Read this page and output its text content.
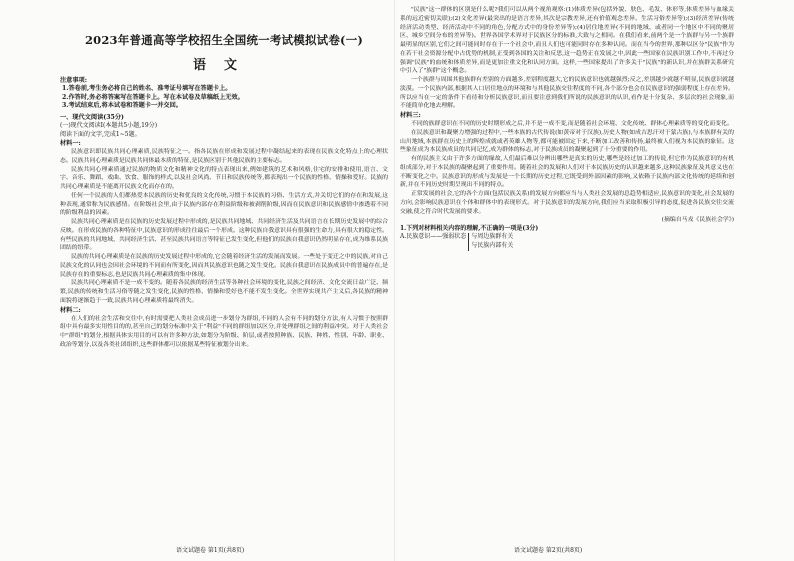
2023年普通高等学校招生全国统一考试模拟试卷(一)
语文

注意事项:

1.答卷前,考生务必将自己的姓名、准考证号填写在答题卡上。

2.作答时,务必将答案写在答题卡上。写在本试卷及草稿纸上无效。

3.考试结束后,将本试卷和答题卡一并交回。

一、现代文阅读(35分)

(一)现代文阅读I(本题共5小题,19分)

阅读下面的文字,完成1~5题。

材料一:

民族意识即民族共同心理素质,民族特征之一。指各民族在形成和发展过程中凝结起来的表现在民族文化特点上的心理状态。民族共同心理素质是民族共同体最本质的特征,是民族区别于其他民族的主要标志。

民族共同心理素质通过民族的物质文化和精神文化的特点表现出来,例如建筑的艺术和风格,住宅的安排和使用,语言、文字、音乐、舞蹈、戏曲、饮食、服饰的样式,以及社会风尚、节日和民族传统等,都表现出一个民族的性格、情操和爱好。民族的共同心理素质是不能离开民族文化而存在的。

任何一个民族的人们都热爱本民族的历史和优良的文化传统,习惯于本民族的习俗、生活方式,并关切它们的存在和发展,这种表现,通常称为民族感情。在阶级社会里,由于民族内部存在利益阶级和被剥削阶级,因而在民族意识和民族感情中渗透着不同的阶级利益的因素。

民族共同心理素质是在民族的历史发展过程中形成的,是民族共同地域、共同经济生活及共同语言在长期历史发展中的综合反映。在形成民族的各种特征中,民族意识的形成往往最后一个形成。这种民族自我意识具有很强的生命力,具有很大的稳定性。有些民族的共同地域、共同经济生活、甚至民族共同语言等特征已发生变化,但他们的民族自我意识仍然明显存在,成为维系民族团结的纽带。

民族的共同心理素质是在民族的历史发展过程中形成的,它会随着经济生活的发展而发展。一些处于变迁之中的民族,对自己民族文化的认同也会因社会环境的不同而有所变化,因而其民族意识也随之发生变化。民族自我意识在民族成员中的普遍存在,是民族存在的重要标志,也是民族共同心理素质的集中体现。

民族共同心理素质不是一成不变的。随着各民族的经济生活等各种社会环境的变化,民族之间经济、文化交流日益广泛、频繁,民族的传统和生活习俗等随之发生变化,民族的性格、情操和爱好也不能不发生变化。全世界实现共产主义后,各民族的精神面貌将逐渐趋于一致,民族共同心理素质将最终消失。

材料二:

在人们的社会生活和交往中,有时需要把人类社会成员进一步划分为群组,不同的人会有不同的划分方法,有人习惯于按照群组中具有最多实用性目的的,甚至自己的划分标准中关于"利益"不同的群组加以区分,并处理群组之间的利益冲突。对于人类社会中"群组"的划分,根据具体实用目的可以有许多种方法,如划分为阶级、阶层,或者按照种族、民族、种姓、性别、年龄、职业、政治等划分,以及各类社团组织,这些群体都可以依据某些特征被划分出来。

"民族"这一群体的区别是什么呢?我们可以从两个视角观察:(1)体质差异(包括外貌、肤色、毛发、体形等,体质差异与血缘关系的远近密切关联);(2)文化差异(最突出的是语言差异,其次是宗教差异,还有价值观念差异、生活习俗差异等);(3)经济差异(传统经济活动类型、经济活动中不同的角色,分配方式中的身份差异等);(4)居住地差异(不同的地域、或者同一个地区中不同的聚居区、城乡空间分布的差异等)。世界各国学术界对于民族区分的标准,大致与之相同。在我们看来,前两个是一个族群与另一个族群最明显的区别,它们之间可能同时存在于一个社会中,而且人们也可能同时存在多种认同。而在当今的世界,那种以区分"民族"作为在若干社会资源分配中占优势的机制,正受到各国的关注和反思,这一趋势正在发展之中,因此一些国家在民族识别工作中,不再过分强调"民族"的血统和体质差异,而是更加注重文化和认同方面。这样,一些国家提出了许多关于"民族"的新认识,并在族群关系研究中引入了"族群"这个概念。

一个族群与周围其他族群有差别的方面越多,差别程度越大,它的民族意识也就越强烈;反之,差别越少就越不明显,民族意识就越淡漠。一个民族内部,根据其人口居住地点的环境和与其他民族交往程度的不同,各个部分也会在民族意识的强弱程度上存在差异。所以应当在一定的条件下看待和分析民族意识,而且要注意到我们所说的民族意识的认识,看作是十分复杂、多层次的社会现象,而不能简单化地去理解。

材料三:

不同的族群意识在不同的历史时期形成之后,并不是一成不变,而是随着社会环境、文化传统、群体心理素质等的变化而变化。

在民族意识和凝聚力增强的过程中,一些本族的古代传说(如黄帝对于汉族),历史人物(如成吉思汗对于蒙古族),与本族群有关的山川地域,本族群在历史上的辉煌成就或者英雄人物等,都可能被固定下来,不断加工改善和传扬,最终被人们视为本民族的象征。这些象征成为本民族成员的共同记忆,成为群体的标志,对于民族成员的凝聚起到了十分重要的作用。

有的民族主义由于许多方面的缘故,人们最后难以分辨出哪些是真实的历史,哪些是经过加工的传说,但它作为民族意识的有机组成部分,对于本民族的凝聚起到了重要作用。随着社会的发展和人们对于本民族历史的认识越来越多,这种民族象征及其意义也在不断变化之中。民族意识的形成与发展是一个长期的历史过程,它既受到外部因素的影响,又依赖于民族内部文化传统的延续和创新,并在不同历史时期呈现出不同的特点。

正常发展的社会,它的各个方面(包括民族关系)的发展方向都应当与人类社会发展的总趋势相适应,民族意识的变化,社会发展的方向,会影响民族意识在个体和群体中的表现形式。对于民族意识的发展方向,我们应当采取积极引导的态度,促进各民族交往交流交融,使之符合时代发展的要求。

(摘编自马戎《民族社会学》)

1.下列对材料相关内容的理解,不正确的一项是(3分)

A.民族意识——强弱状态 与周边族群有关
与民族内部有关
语文试题卷 第1页(共8页)	语文试题卷 第2页(共8页)
